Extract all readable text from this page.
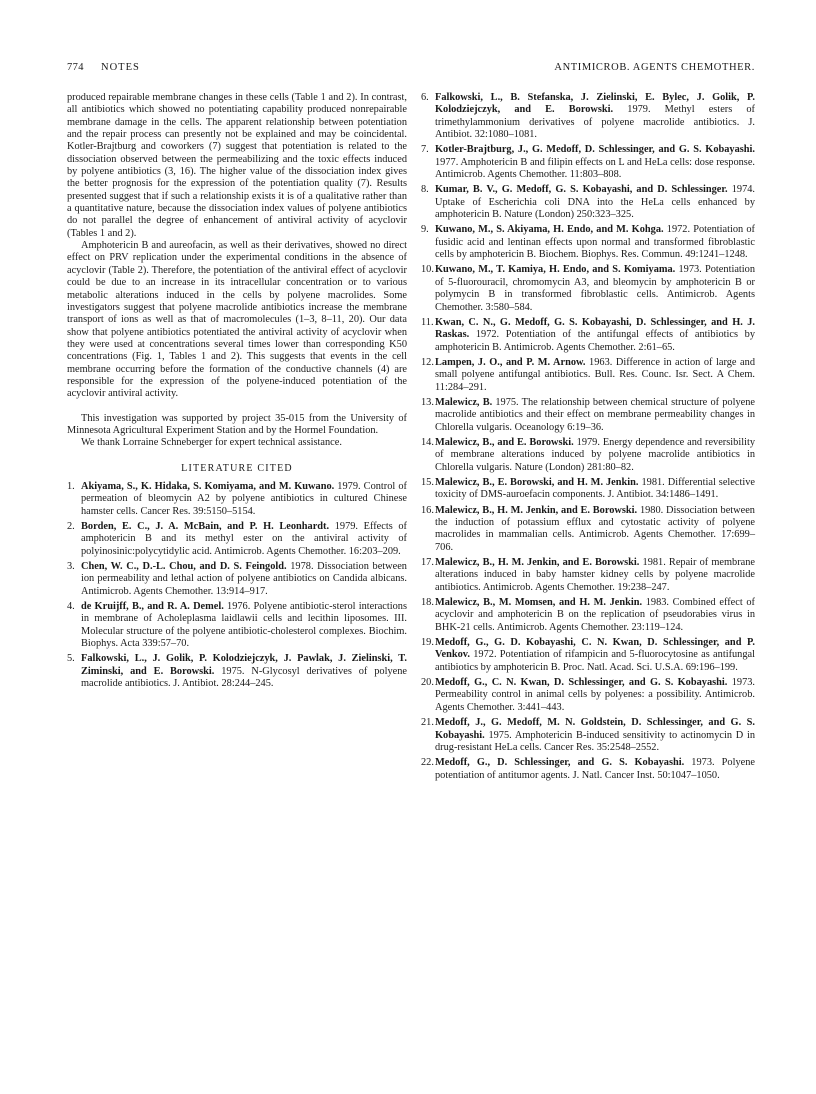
774 NOTES	ANTIMICROB. AGENTS CHEMOTHER.

produced repairable membrane changes in these cells (Table 1 and 2). In contrast, all antibiotics which showed no potentiating capability produced nonrepairable membrane damage in the cells. The apparent relationship between potentiation and the repair process can presently not be explained and may be coincidental. Kotler-Brajtburg and coworkers (7) suggest that potentiation is related to the dissociation observed between the permeabilizing and the toxic effects induced by polyene antibiotics (3, 16). The higher value of the dissociation index gives the better prognosis for the expression of the potentiation quality (7). Results presented suggest that if such a relationship exists it is of a qualitative rather than a quantitative nature, because the dissociation index values of polyene antibiotics do not parallel the degree of enhancement of antiviral activity of acyclovir (Tables 1 and 2).

Amphotericin B and aureofacin, as well as their derivatives, showed no direct effect on PRV replication under the experimental conditions in the absence of acyclovir (Table 2). Therefore, the potentiation of the antiviral effect of acyclovir could be due to an increase in its intracellular concentration or to various metabolic alterations induced in the cells by polyene macrolides. Some investigators suggest that polyene macrolide antibiotics increase the membrane transport of ions as well as that of macromolecules (1–3, 8–11, 20). Our data show that polyene antibiotics potentiated the antiviral activity of acyclovir when they were used at concentrations several times lower than corresponding K50 concentrations (Fig. 1, Tables 1 and 2). This suggests that events in the cell membrane occurring before the formation of the conductive channels (4) are responsible for the expression of the polyene-induced potentiation of the acyclovir antiviral activity.

This investigation was supported by project 35-015 from the University of Minnesota Agricultural Experiment Station and by the Hormel Foundation.

We thank Lorraine Schneberger for expert technical assistance.

LITERATURE CITED
1. Akiyama, S., K. Hidaka, S. Komiyama, and M. Kuwano. 1979. Control of permeation of bleomycin A2 by polyene antibiotics in cultured Chinese hamster cells. Cancer Res. 39:5150–5154.
2. Borden, E. C., J. A. McBain, and P. H. Leonhardt. 1979. Effects of amphotericin B and its methyl ester on the antiviral activity of polyinosinic:polycytidylic acid. Antimicrob. Agents Chemother. 16:203–209.
3. Chen, W. C., D.-L. Chou, and D. S. Feingold. 1978. Dissociation between ion permeability and lethal action of polyene antibiotics on Candida albicans. Antimicrob. Agents Chemother. 13:914–917.
4. de Kruijff, B., and R. A. Demel. 1976. Polyene antibiotic-sterol interactions in membrane of Acholeplasma laidlawii cells and lecithin liposomes. III. Molecular structure of the polyene antibiotic-cholesterol complexes. Biochim. Biophys. Acta 339:57–70.
5. Falkowski, L., J. Golik, P. Kolodziejczyk, J. Pawlak, J. Zielinski, T. Ziminski, and E. Borowski. 1975. N-Glycosyl derivatives of polyene macrolide antibiotics. J. Antibiot. 28:244–245.
6. Falkowski, L., B. Stefanska, J. Zielinski, E. Bylec, J. Golik, P. Kolodziejczyk, and E. Borowski. 1979. Methyl esters of trimethylammonium derivatives of polyene macrolide antibiotics. J. Antibiot. 32:1080–1081.
7. Kotler-Brajtburg, J., G. Medoff, D. Schlessinger, and G. S. Kobayashi. 1977. Amphotericin B and filipin effects on L and HeLa cells: dose response. Antimicrob. Agents Chemother. 11:803–808.
8. Kumar, B. V., G. Medoff, G. S. Kobayashi, and D. Schlessinger. 1974. Uptake of Escherichia coli DNA into the HeLa cells enhanced by amphotericin B. Nature (London) 250:323–325.
9. Kuwano, M., S. Akiyama, H. Endo, and M. Kohga. 1972. Potentiation of fusidic acid and lentinan effects upon normal and transformed fibroblastic cells by amphotericin B. Biochem. Biophys. Res. Commun. 49:1241–1248.
10. Kuwano, M., T. Kamiya, H. Endo, and S. Komiyama. 1973. Potentiation of 5-fluorouracil, chromomycin A3, and bleomycin by amphotericin B or polymycin B in transformed fibroblastic cells. Antimicrob. Agents Chemother. 3:580–584.
11. Kwan, C. N., G. Medoff, G. S. Kobayashi, D. Schlessinger, and H. J. Raskas. 1972. Potentiation of the antifungal effects of antibiotics by amphotericin B. Antimicrob. Agents Chemother. 2:61–65.
12. Lampen, J. O., and P. M. Arnow. 1963. Difference in action of large and small polyene antifungal antibiotics. Bull. Res. Counc. Isr. Sect. A Chem. 11:284–291.
13. Malewicz, B. 1975. The relationship between chemical structure of polyene macrolide antibiotics and their effect on membrane permeability changes in Chlorella vulgaris. Oceanology 6:19–36.
14. Malewicz, B., and E. Borowski. 1979. Energy dependence and reversibility of membrane alterations induced by polyene macrolide antibiotics in Chlorella vulgaris. Nature (London) 281:80–82.
15. Malewicz, B., E. Borowski, and H. M. Jenkin. 1981. Differential selective toxicity of DMS-auroefacin components. J. Antibiot. 34:1486–1491.
16. Malewicz, B., H. M. Jenkin, and E. Borowski. 1980. Dissociation between the induction of potassium efflux and cytostatic activity of polyene macrolides in mammalian cells. Antimicrob. Agents Chemother. 17:699–706.
17. Malewicz, B., H. M. Jenkin, and E. Borowski. 1981. Repair of membrane alterations induced in baby hamster kidney cells by polyene macrolide antibiotics. Antimicrob. Agents Chemother. 19:238–247.
18. Malewicz, B., M. Momsen, and H. M. Jenkin. 1983. Combined effect of acyclovir and amphotericin B on the replication of pseudorabies virus in BHK-21 cells. Antimicrob. Agents Chemother. 23:119–124.
19. Medoff, G., G. D. Kobayashi, C. N. Kwan, D. Schlessinger, and P. Venkov. 1972. Potentiation of rifampicin and 5-fluorocytosine as antifungal antibiotics by amphotericin B. Proc. Natl. Acad. Sci. U.S.A. 69:196–199.
20. Medoff, G., C. N. Kwan, D. Schlessinger, and G. S. Kobayashi. 1973. Permeability control in animal cells by polyenes: a possibility. Antimicrob. Agents Chemother. 3:441–443.
21. Medoff, J., G. Medoff, M. N. Goldstein, D. Schlessinger, and G. S. Kobayashi. 1975. Amphotericin B-induced sensitivity to actinomycin D in drug-resistant HeLa cells. Cancer Res. 35:2548–2552.
22. Medoff, G., D. Schlessinger, and G. S. Kobayashi. 1973. Polyene potentiation of antitumor agents. J. Natl. Cancer Inst. 50:1047–1050.
